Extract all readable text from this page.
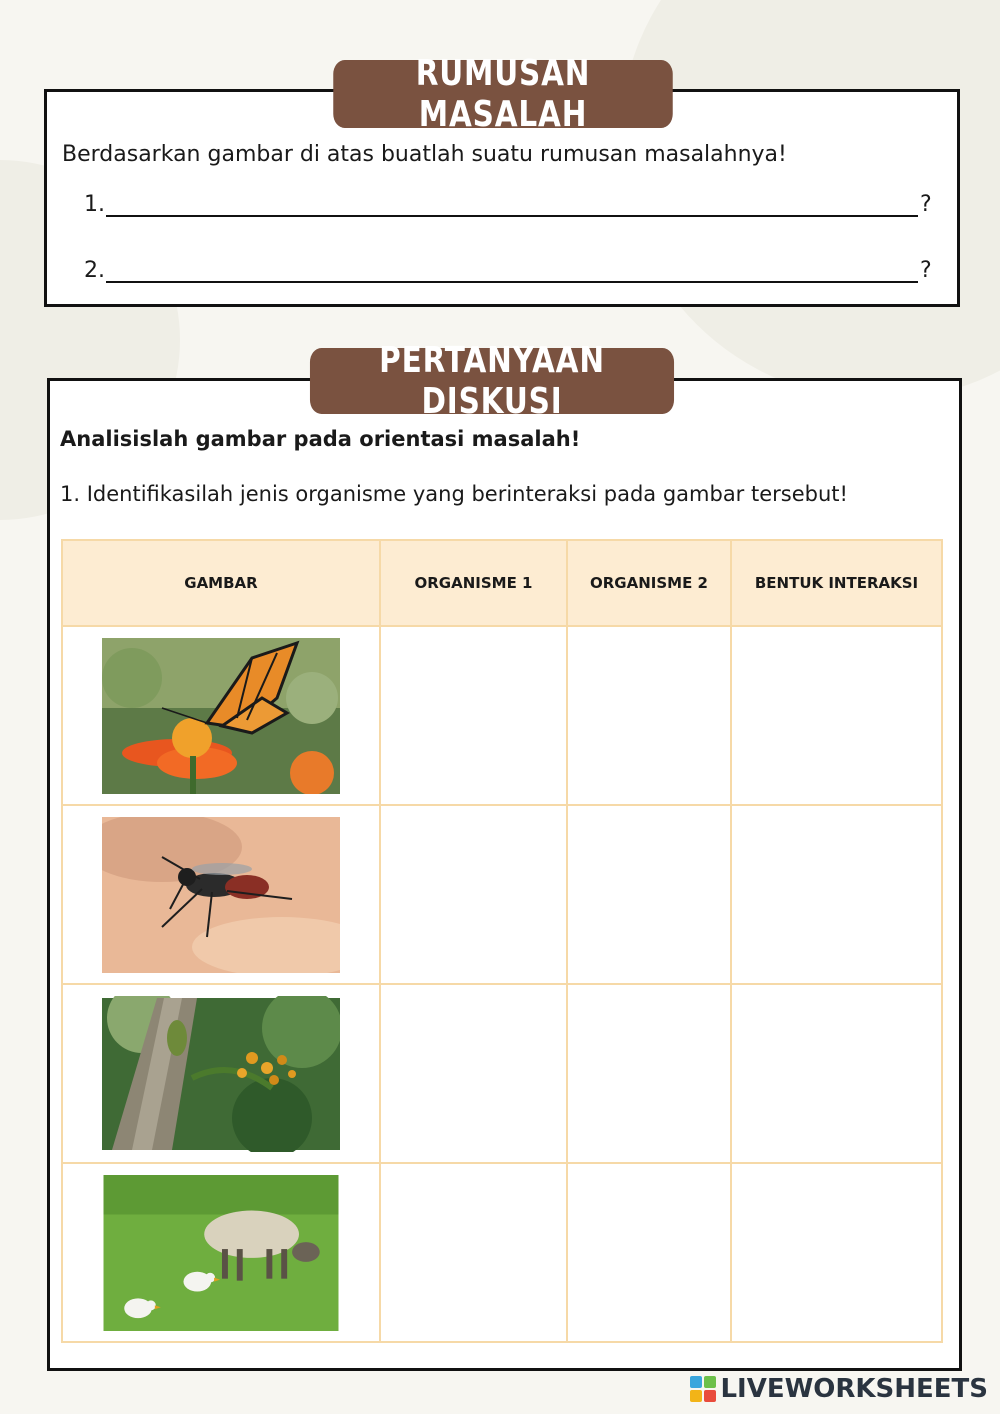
RUMUSAN MASALAH
Berdasarkan gambar di atas buatlah suatu rumusan masalahnya!
1.	?
2.	?
PERTANYAAN DISKUSI
Analisislah gambar pada orientasi masalah!
1. Identifikasilah jenis organisme yang berinteraksi pada gambar tersebut!
GAMBAR	ORGANISME 1	ORGANISME 2	BENTUK INTERAKSI

LIVEWORKSHEETS
